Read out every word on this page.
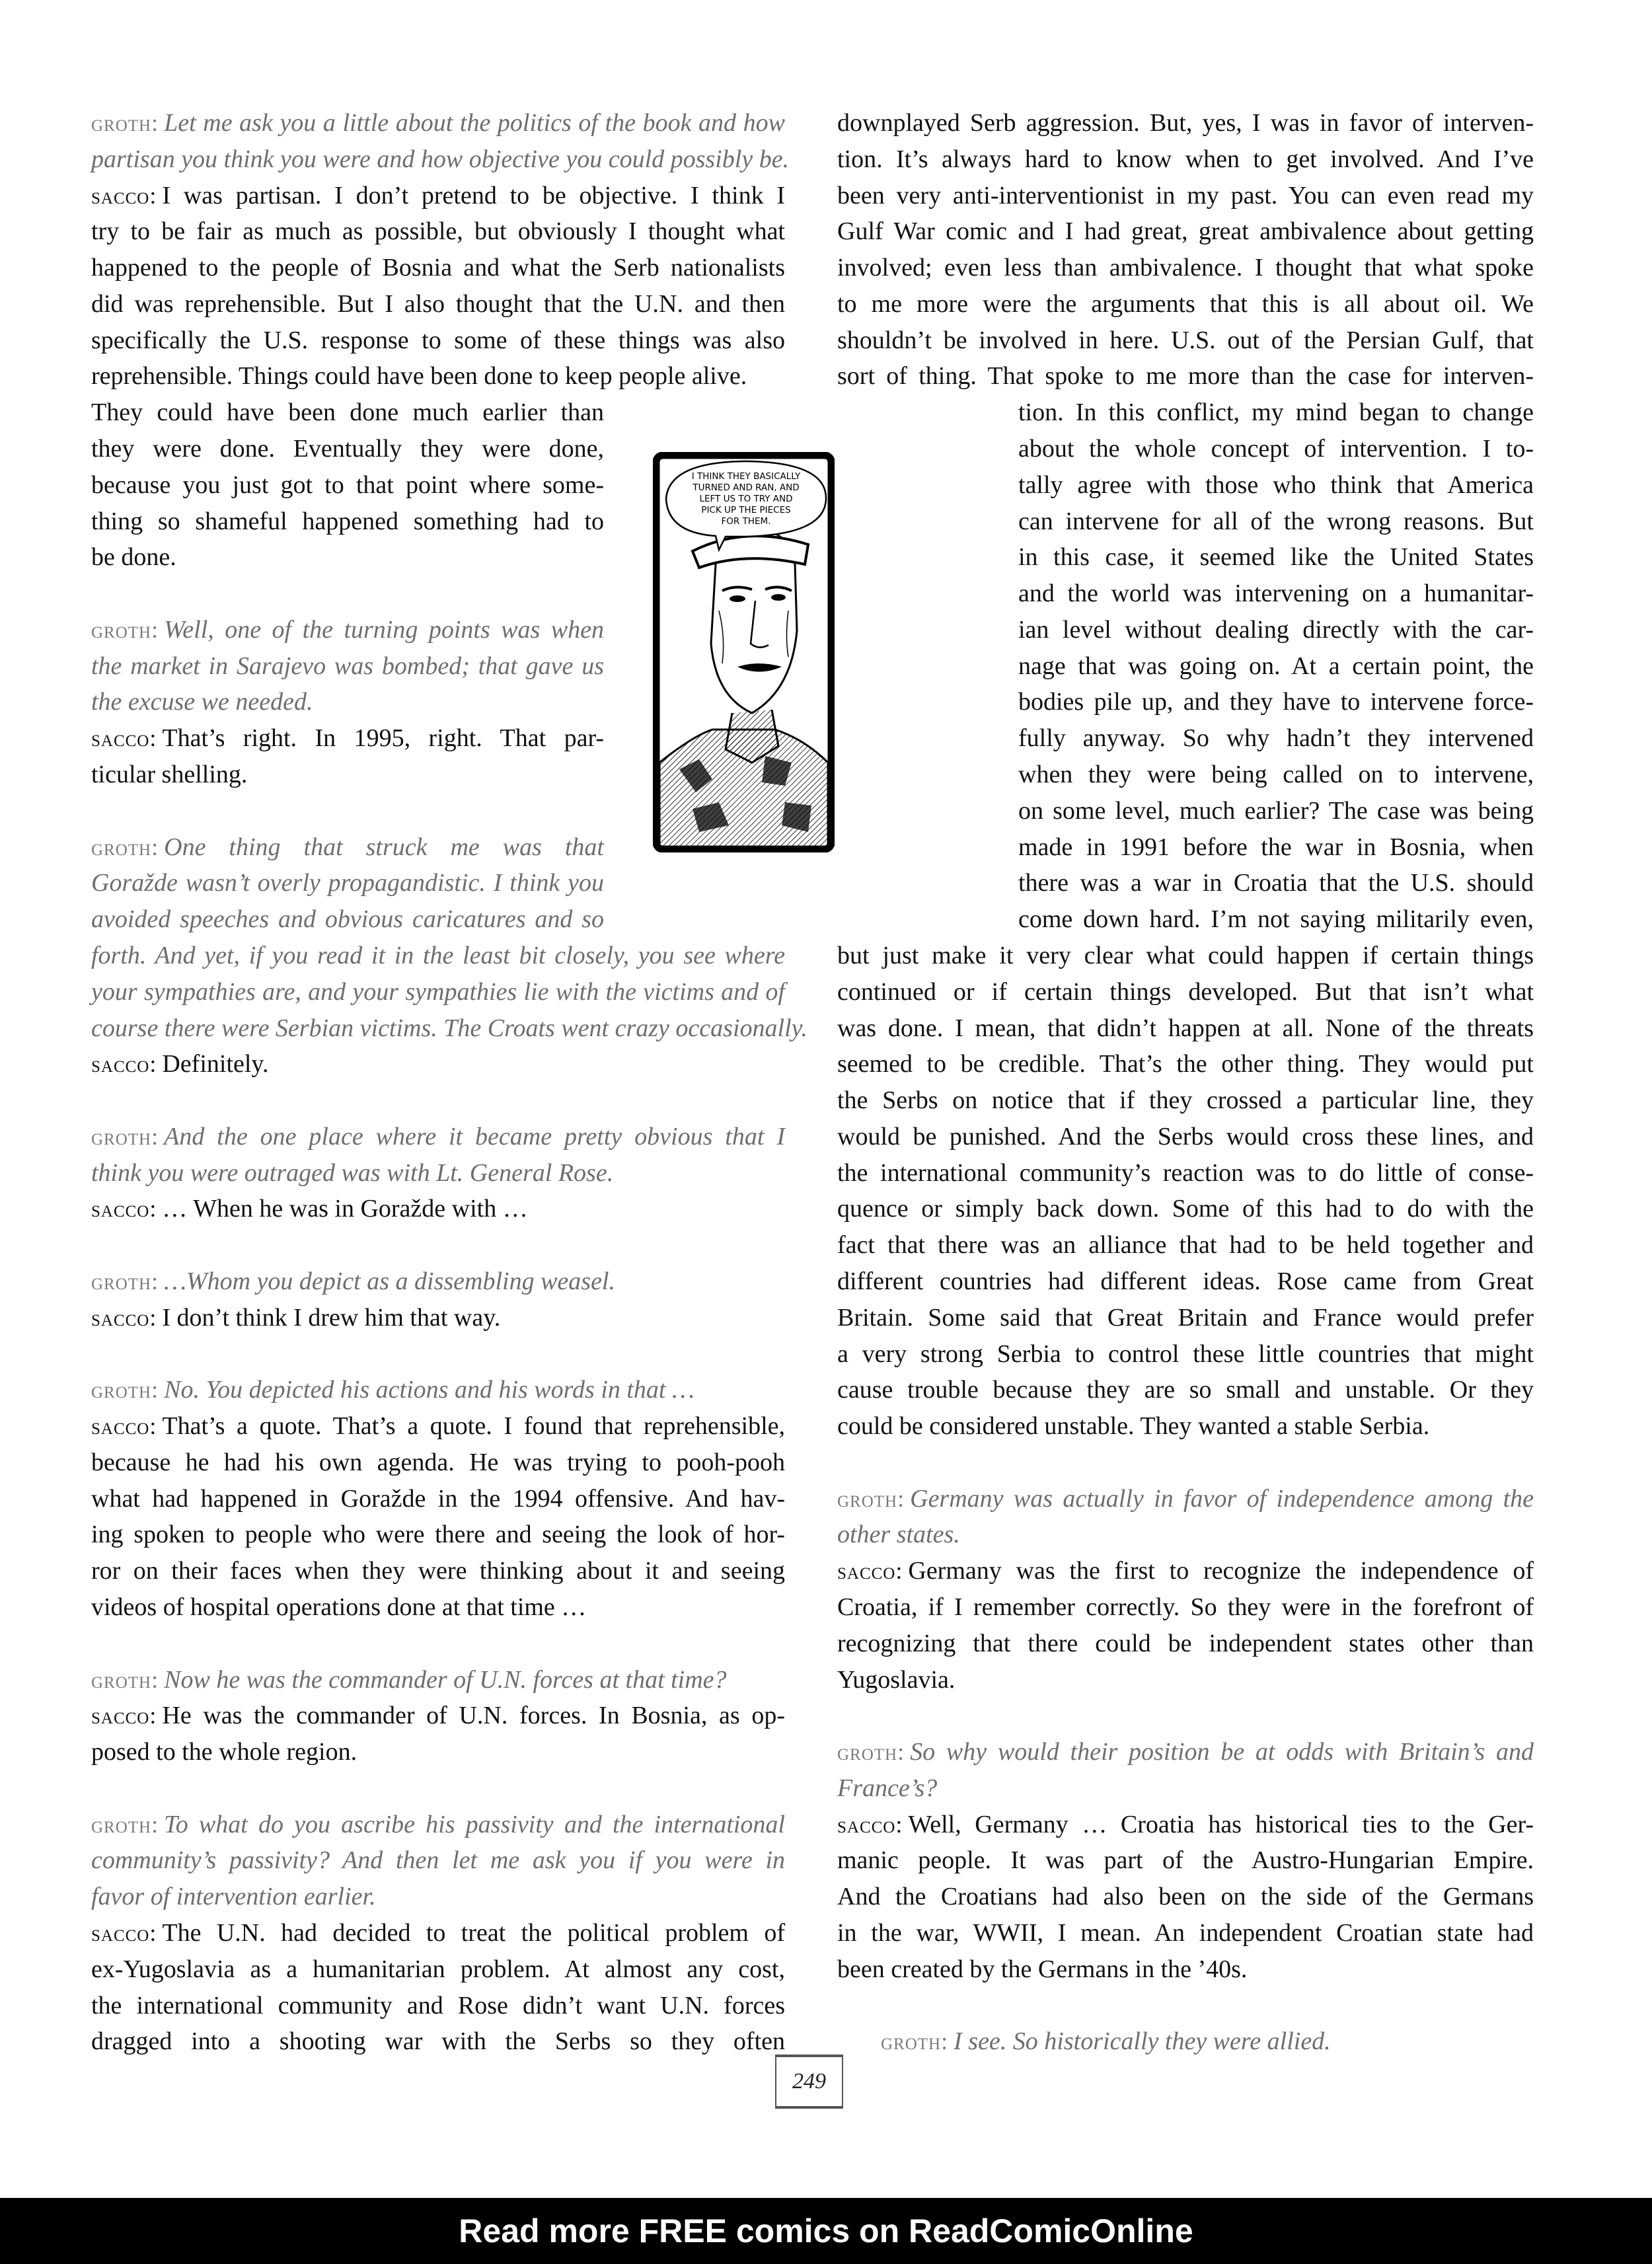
groth: Let me ask you a little about the politics of the book and how
partisan you think you were and how objective you could possibly be.
sacco: I was partisan. I don’t pretend to be objective. I think I
try to be fair as much as possible, but obviously I thought what
happened to the people of Bosnia and what the Serb nationalists
did was reprehensible. But I also thought that the U.N. and then
specifically the U.S. response to some of these things was also
reprehensible. Things could have been done to keep people alive.
They could have been done much earlier than
they were done. Eventually they were done,
because you just got to that point where some-
thing so shameful happened something had to
be done.
groth: Well, one of the turning points was when
the market in Sarajevo was bombed; that gave us
the excuse we needed.
sacco: That’s right. In 1995, right. That par-
ticular shelling.
groth: One thing that struck me was that
Goražde wasn’t overly propagandistic. I think you
avoided speeches and obvious caricatures and so
forth. And yet, if you read it in the least bit closely, you see where
your sympathies are, and your sympathies lie with the victims and of
course there were Serbian victims. The Croats went crazy occasionally.
sacco: Definitely.
groth: And the one place where it became pretty obvious that I
think you were outraged was with Lt. General Rose.
sacco: … When he was in Goražde with …
groth: …Whom you depict as a dissembling weasel.
sacco: I don’t think I drew him that way.
groth: No. You depicted his actions and his words in that …
sacco: That’s a quote. That’s a quote. I found that reprehensible,
because he had his own agenda. He was trying to pooh-pooh
what had happened in Goražde in the 1994 offensive. And hav-
ing spoken to people who were there and seeing the look of hor-
ror on their faces when they were thinking about it and seeing
videos of hospital operations done at that time …
groth: Now he was the commander of U.N. forces at that time?
sacco: He was the commander of U.N. forces. In Bosnia, as op-
posed to the whole region.
groth: To what do you ascribe his passivity and the international
community’s passivity? And then let me ask you if you were in
favor of intervention earlier.
sacco: The U.N. had decided to treat the political problem of
ex-Yugoslavia as a humanitarian problem. At almost any cost,
the international community and Rose didn’t want U.N. forces
dragged into a shooting war with the Serbs so they often
downplayed Serb aggression. But, yes, I was in favor of interven-
tion. It’s always hard to know when to get involved. And I’ve
been very anti-interventionist in my past. You can even read my
Gulf War comic and I had great, great ambivalence about getting
involved; even less than ambivalence. I thought that what spoke
to me more were the arguments that this is all about oil. We
shouldn’t be involved in here. U.S. out of the Persian Gulf, that
sort of thing. That spoke to me more than the case for interven-
tion. In this conflict, my mind began to change
about the whole concept of intervention. I to-
tally agree with those who think that America
can intervene for all of the wrong reasons. But
in this case, it seemed like the United States
and the world was intervening on a humanitar-
ian level without dealing directly with the car-
nage that was going on. At a certain point, the
bodies pile up, and they have to intervene force-
fully anyway. So why hadn’t they intervened
when they were being called on to intervene,
on some level, much earlier? The case was being
made in 1991 before the war in Bosnia, when
there was a war in Croatia that the U.S. should
come down hard. I’m not saying militarily even,
but just make it very clear what could happen if certain things
continued or if certain things developed. But that isn’t what
was done. I mean, that didn’t happen at all. None of the threats
seemed to be credible. That’s the other thing. They would put
the Serbs on notice that if they crossed a particular line, they
would be punished. And the Serbs would cross these lines, and
the international community’s reaction was to do little of conse-
quence or simply back down. Some of this had to do with the
fact that there was an alliance that had to be held together and
different countries had different ideas. Rose came from Great
Britain. Some said that Great Britain and France would prefer
a very strong Serbia to control these little countries that might
cause trouble because they are so small and unstable. Or they
could be considered unstable. They wanted a stable Serbia.
groth: Germany was actually in favor of independence among the
other states.
sacco: Germany was the first to recognize the independence of
Croatia, if I remember correctly. So they were in the forefront of
recognizing that there could be independent states other than
Yugoslavia.
groth: So why would their position be at odds with Britain’s and
France’s?
sacco: Well, Germany … Croatia has historical ties to the Ger-
manic people. It was part of the Austro-Hungarian Empire.
And the Croatians had also been on the side of the Germans
in the war, WWII, I mean. An independent Croatian state had
been created by the Germans in the ’40s.
groth: I see. So historically they were allied.
I THINK THEY BASICALLY
TURNED AND RAN, AND
LEFT US TO TRY AND
PICK UP THE PIECES
FOR THEM.
249
Read more FREE comics on ReadComicOnline
